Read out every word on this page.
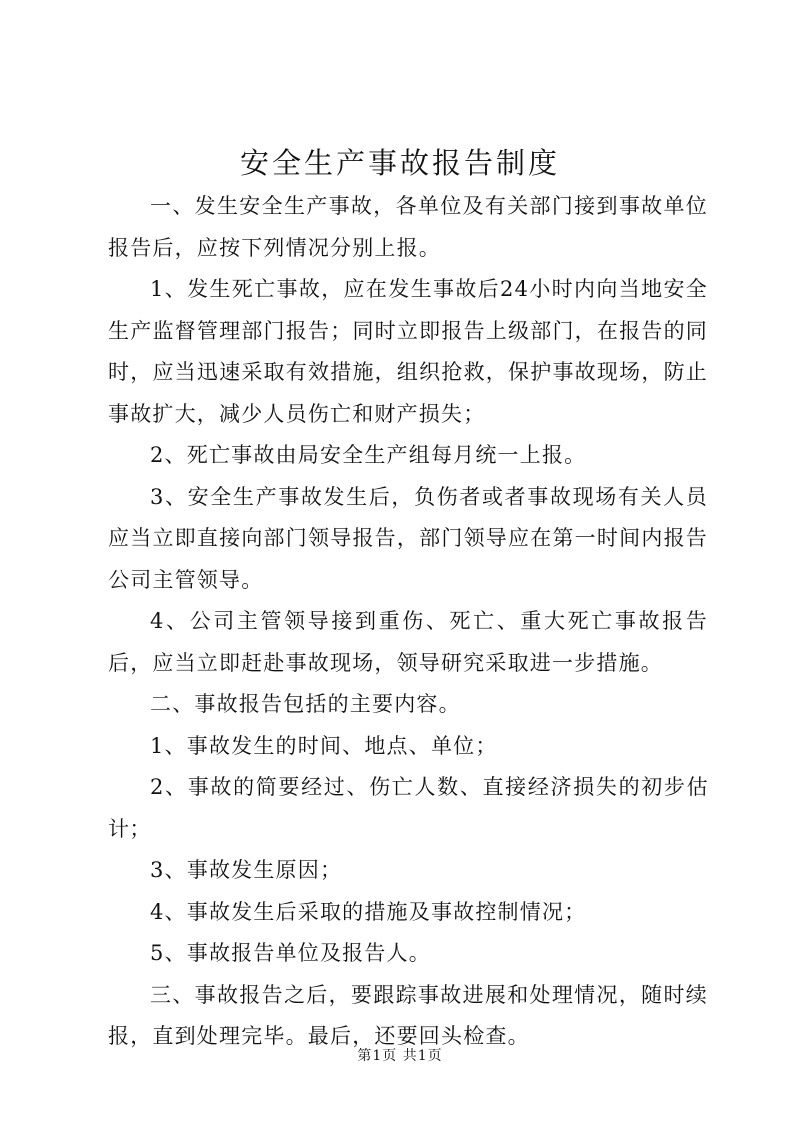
安全生产事故报告制度

一、发生安全生产事故，各单位及有关部门接到事故单位报告后，应按下列情况分别上报。

1、发生死亡事故，应在发生事故后24小时内向当地安全生产监督管理部门报告；同时立即报告上级部门，在报告的同时，应当迅速采取有效措施，组织抢救，保护事故现场，防止事故扩大，减少人员伤亡和财产损失；

2、死亡事故由局安全生产组每月统一上报。

3、安全生产事故发生后，负伤者或者事故现场有关人员应当立即直接向部门领导报告，部门领导应在第一时间内报告公司主管领导。

4、公司主管领导接到重伤、死亡、重大死亡事故报告后，应当立即赶赴事故现场，领导研究采取进一步措施。

二、事故报告包括的主要内容。

1、事故发生的时间、地点、单位；

2、事故的简要经过、伤亡人数、直接经济损失的初步估计；

3、事故发生原因；

4、事故发生后采取的措施及事故控制情况；

5、事故报告单位及报告人。

三、事故报告之后，要跟踪事故进展和处理情况，随时续报，直到处理完毕。最后，还要回头检查。

第1页 共1页
